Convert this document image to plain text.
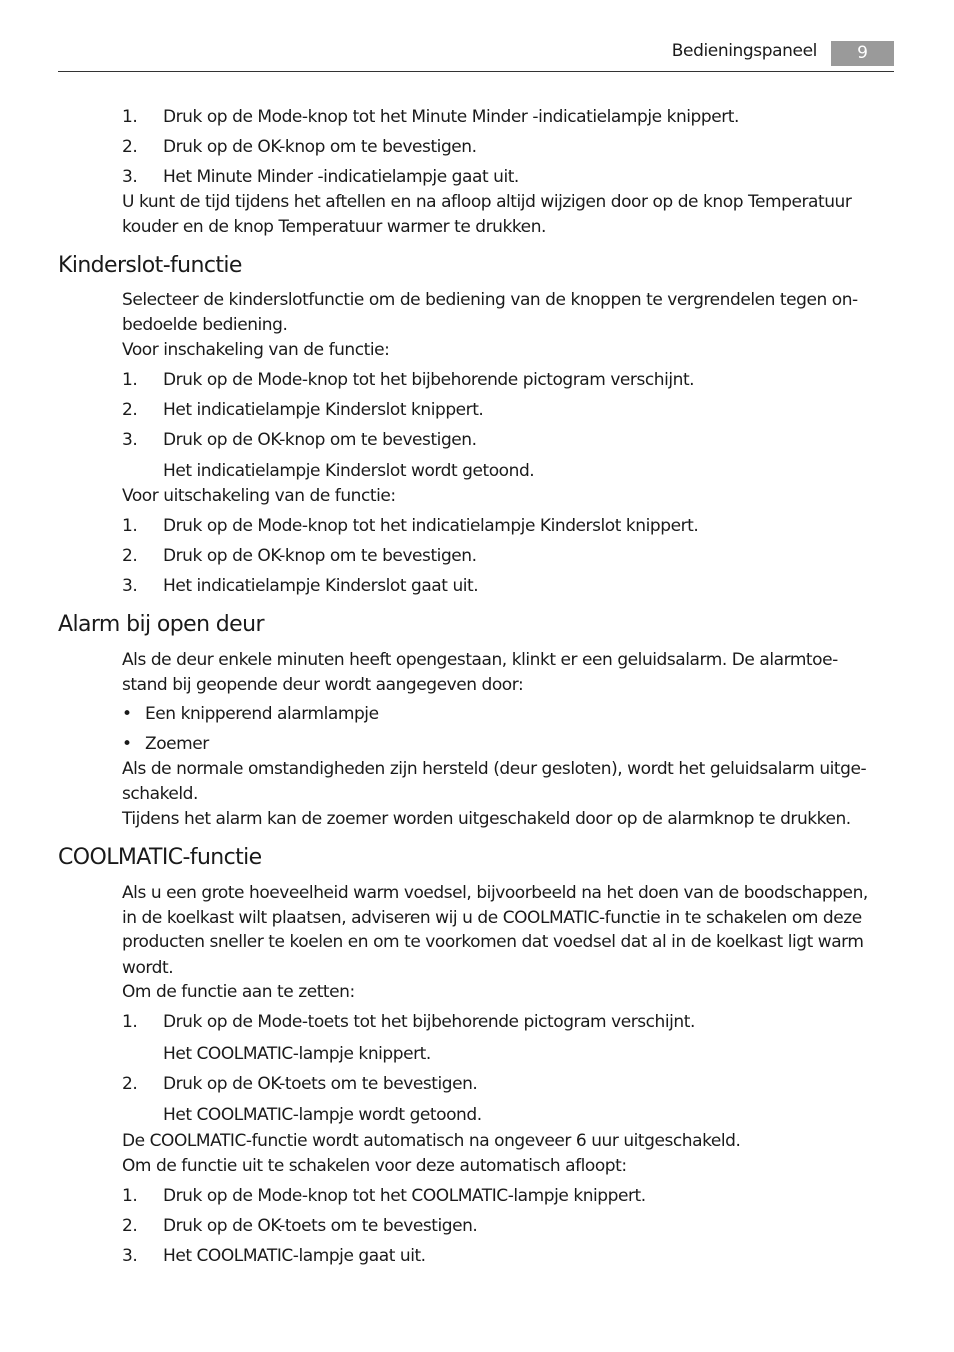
Bedieningspaneel	9
1. Druk op de Mode-knop tot het Minute Minder -indicatielampje knippert.
2. Druk op de OK-knop om te bevestigen.
3. Het Minute Minder -indicatielampje gaat uit.
U kunt de tijd tijdens het aftellen en na afloop altijd wijzigen door op de knop Temperatuur
kouder en de knop Temperatuur warmer te drukken.
Kinderslot-functie
Selecteer de kinderslotfunctie om de bediening van de knoppen te vergrendelen tegen on-
bedoelde bediening.
Voor inschakeling van de functie:
1. Druk op de Mode-knop tot het bijbehorende pictogram verschijnt.
2. Het indicatielampje Kinderslot knippert.
3. Druk op de OK-knop om te bevestigen.
Het indicatielampje Kinderslot wordt getoond.
Voor uitschakeling van de functie:
1. Druk op de Mode-knop tot het indicatielampje Kinderslot knippert.
2. Druk op de OK-knop om te bevestigen.
3. Het indicatielampje Kinderslot gaat uit.
Alarm bij open deur
Als de deur enkele minuten heeft opengestaan, klinkt er een geluidsalarm. De alarmtoe-
stand bij geopende deur wordt aangegeven door:
• Een knipperend alarmlampje
• Zoemer
Als de normale omstandigheden zijn hersteld (deur gesloten), wordt het geluidsalarm uitge-
schakeld.
Tijdens het alarm kan de zoemer worden uitgeschakeld door op de alarmknop te drukken.
COOLMATIC-functie
Als u een grote hoeveelheid warm voedsel, bijvoorbeeld na het doen van de boodschappen,
in de koelkast wilt plaatsen, adviseren wij u de COOLMATIC-functie in te schakelen om deze
producten sneller te koelen en om te voorkomen dat voedsel dat al in de koelkast ligt warm
wordt.
Om de functie aan te zetten:
1. Druk op de Mode-toets tot het bijbehorende pictogram verschijnt.
Het COOLMATIC-lampje knippert.
2. Druk op de OK-toets om te bevestigen.
Het COOLMATIC-lampje wordt getoond.
De COOLMATIC-functie wordt automatisch na ongeveer 6 uur uitgeschakeld.
Om de functie uit te schakelen voor deze automatisch afloopt:
1. Druk op de Mode-knop tot het COOLMATIC-lampje knippert.
2. Druk op de OK-toets om te bevestigen.
3. Het COOLMATIC-lampje gaat uit.
